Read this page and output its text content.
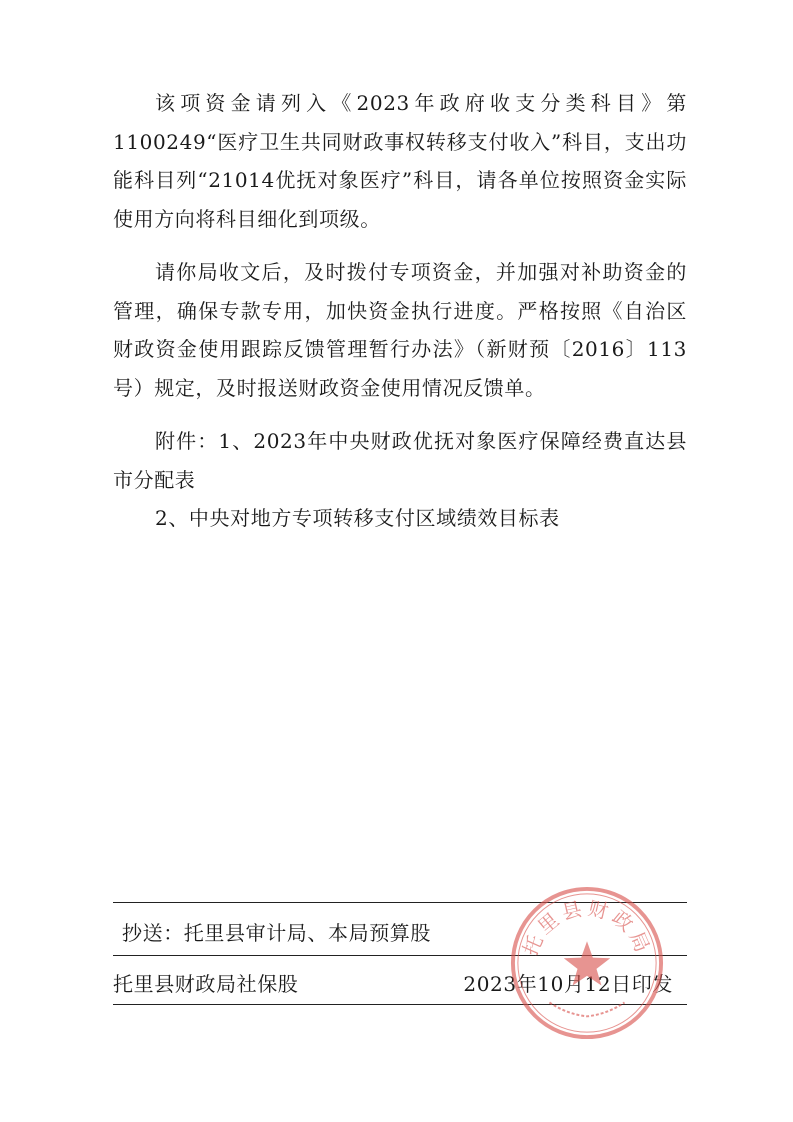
该项资金请列入《2023年政府收支分类科目》第1100249“医疗卫生共同财政事权转移支付收入”科目，支出功能科目列“21014优抚对象医疗”科目，请各单位按照资金实际使用方向将科目细化到项级。

请你局收文后，及时拨付专项资金，并加强对补助资金的管理，确保专款专用，加快资金执行进度。严格按照《自治区财政资金使用跟踪反馈管理暂行办法》（新财预〔2016〕113号）规定，及时报送财政资金使用情况反馈单。

附件：1、2023年中央财政优抚对象医疗保障经费直达县市分配表

2、中央对地方专项转移支付区域绩效目标表

抄送：托里县审计局、本局预算股
托里县财政局社保股	2023年10月12日印发
托里县财政局
